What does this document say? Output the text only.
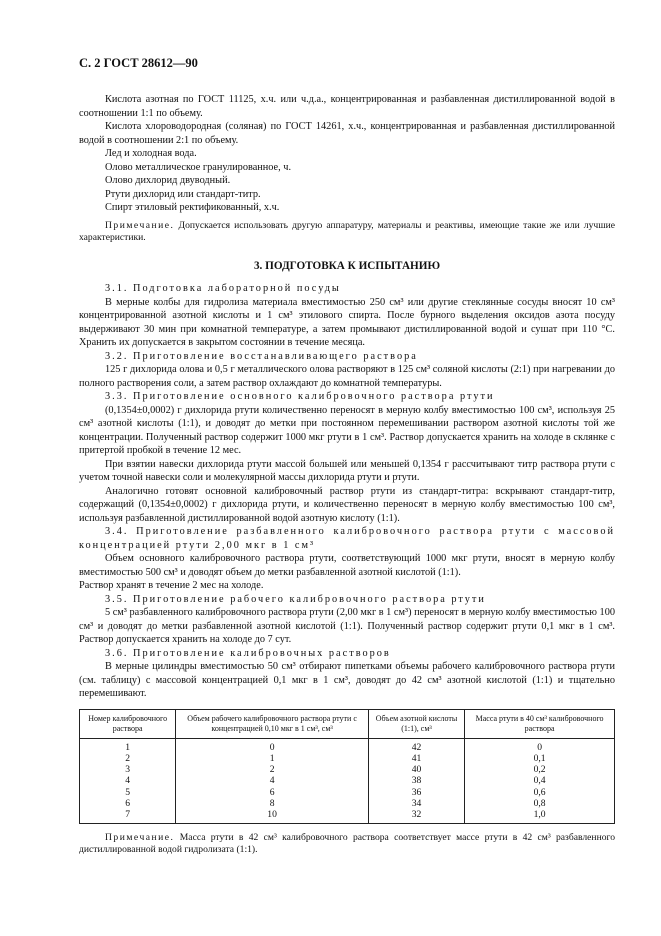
С. 2 ГОСТ 28612—90

Кислота азотная по ГОСТ 11125, х.ч. или ч.д.а., концентрированная и разбавленная дистиллированной водой в соотношении 1:1 по объему.

Кислота хлороводородная (соляная) по ГОСТ 14261, х.ч., концентрированная и разбавленная дистиллированной водой в соотношении 2:1 по объему.

Лед и холодная вода.

Олово металлическое гранулированное, ч.

Олово дихлорид двуводный.

Ртути дихлорид или стандарт-титр.

Спирт этиловый ректификованный, х.ч.

Примечание. Допускается использовать другую аппаратуру, материалы и реактивы, имеющие такие же или лучшие характеристики.

3. ПОДГОТОВКА К ИСПЫТАНИЮ

3.1. Подготовка лабораторной посуды

В мерные колбы для гидролиза материала вместимостью 250 см³ или другие стеклянные сосуды вносят 10 см³ концентрированной азотной кислоты и 1 см³ этилового спирта. После бурного выделения оксидов азота посуду выдерживают 30 мин при комнатной температуре, а затем промывают дистиллированной водой и сушат при 110 °С. Хранить их допускается в закрытом состоянии в течение месяца.

3.2. Приготовление восстанавливающего раствора

125 г дихлорида олова и 0,5 г металлического олова растворяют в 125 см³ соляной кислоты (2:1) при нагревании до полного растворения соли, а затем раствор охлаждают до комнатной температуры.

3.3. Приготовление основного калибровочного раствора ртути

(0,1354±0,0002) г дихлорида ртути количественно переносят в мерную колбу вместимостью 100 см³, используя 25 см³ азотной кислоты (1:1), и доводят до метки при постоянном перемешивании раствором азотной кислоты той же концентрации. Полученный раствор содержит 1000 мкг ртути в 1 см³. Раствор допускается хранить на холоде в склянке с притертой пробкой в течение 12 мес.

При взятии навески дихлорида ртути массой большей или меньшей 0,1354 г рассчитывают титр раствора ртути с учетом точной навески соли и молекулярной массы дихлорида ртути и ртути.

Аналогично готовят основной калибровочный раствор ртути из стандарт-титра: вскрывают стандарт-титр, содержащий (0,1354±0,0002) г дихлорида ртути, и количественно переносят в мерную колбу вместимостью 100 см³, используя разбавленной дистиллированной водой азотную кислоту (1:1).

3.4. Приготовление разбавленного калибровочного раствора ртути с массовой концентрацией ртути 2,00 мкг в 1 см³

Объем основного калибровочного раствора ртути, соответствующий 1000 мкг ртути, вносят в мерную колбу вместимостью 500 см³ и доводят объем до метки разбавленной азотной кислотой (1:1).

Раствор хранят в течение 2 мес на холоде.

3.5. Приготовление рабочего калибровочного раствора ртути

5 см³ разбавленного калибровочного раствора ртути (2,00 мкг в 1 см³) переносят в мерную колбу вместимостью 100 см³ и доводят до метки разбавленной азотной кислотой (1:1). Полученный раствор содержит ртути 0,1 мкг в 1 см³. Раствор допускается хранить на холоде до 7 сут.

3.6. Приготовление калибровочных растворов

В мерные цилиндры вместимостью 50 см³ отбирают пипетками объемы рабочего калибровочного раствора ртути (см. таблицу) с массовой концентрацией 0,1 мкг в 1 см³, доводят до 42 см³ азотной кислотой (1:1) и тщательно перемешивают.

Номер калибровочного раствора	Объем рабочего калибровочного раствора ртути с концентрацией 0,10 мкг в 1 см³, см³	Объем азотной кислоты (1:1), см³	Масса ртути в 40 см³ калибровочного раствора
1	0	42	0
2	1	41	0,1
3	2	40	0,2
4	4	38	0,4
5	6	36	0,6
6	8	34	0,8
7	10	32	1,0

Примечание. Масса ртути в 42 см³ калибровочного раствора соответствует массе ртути в 42 см³ разбавленного дистиллированной водой гидролизата (1:1).
